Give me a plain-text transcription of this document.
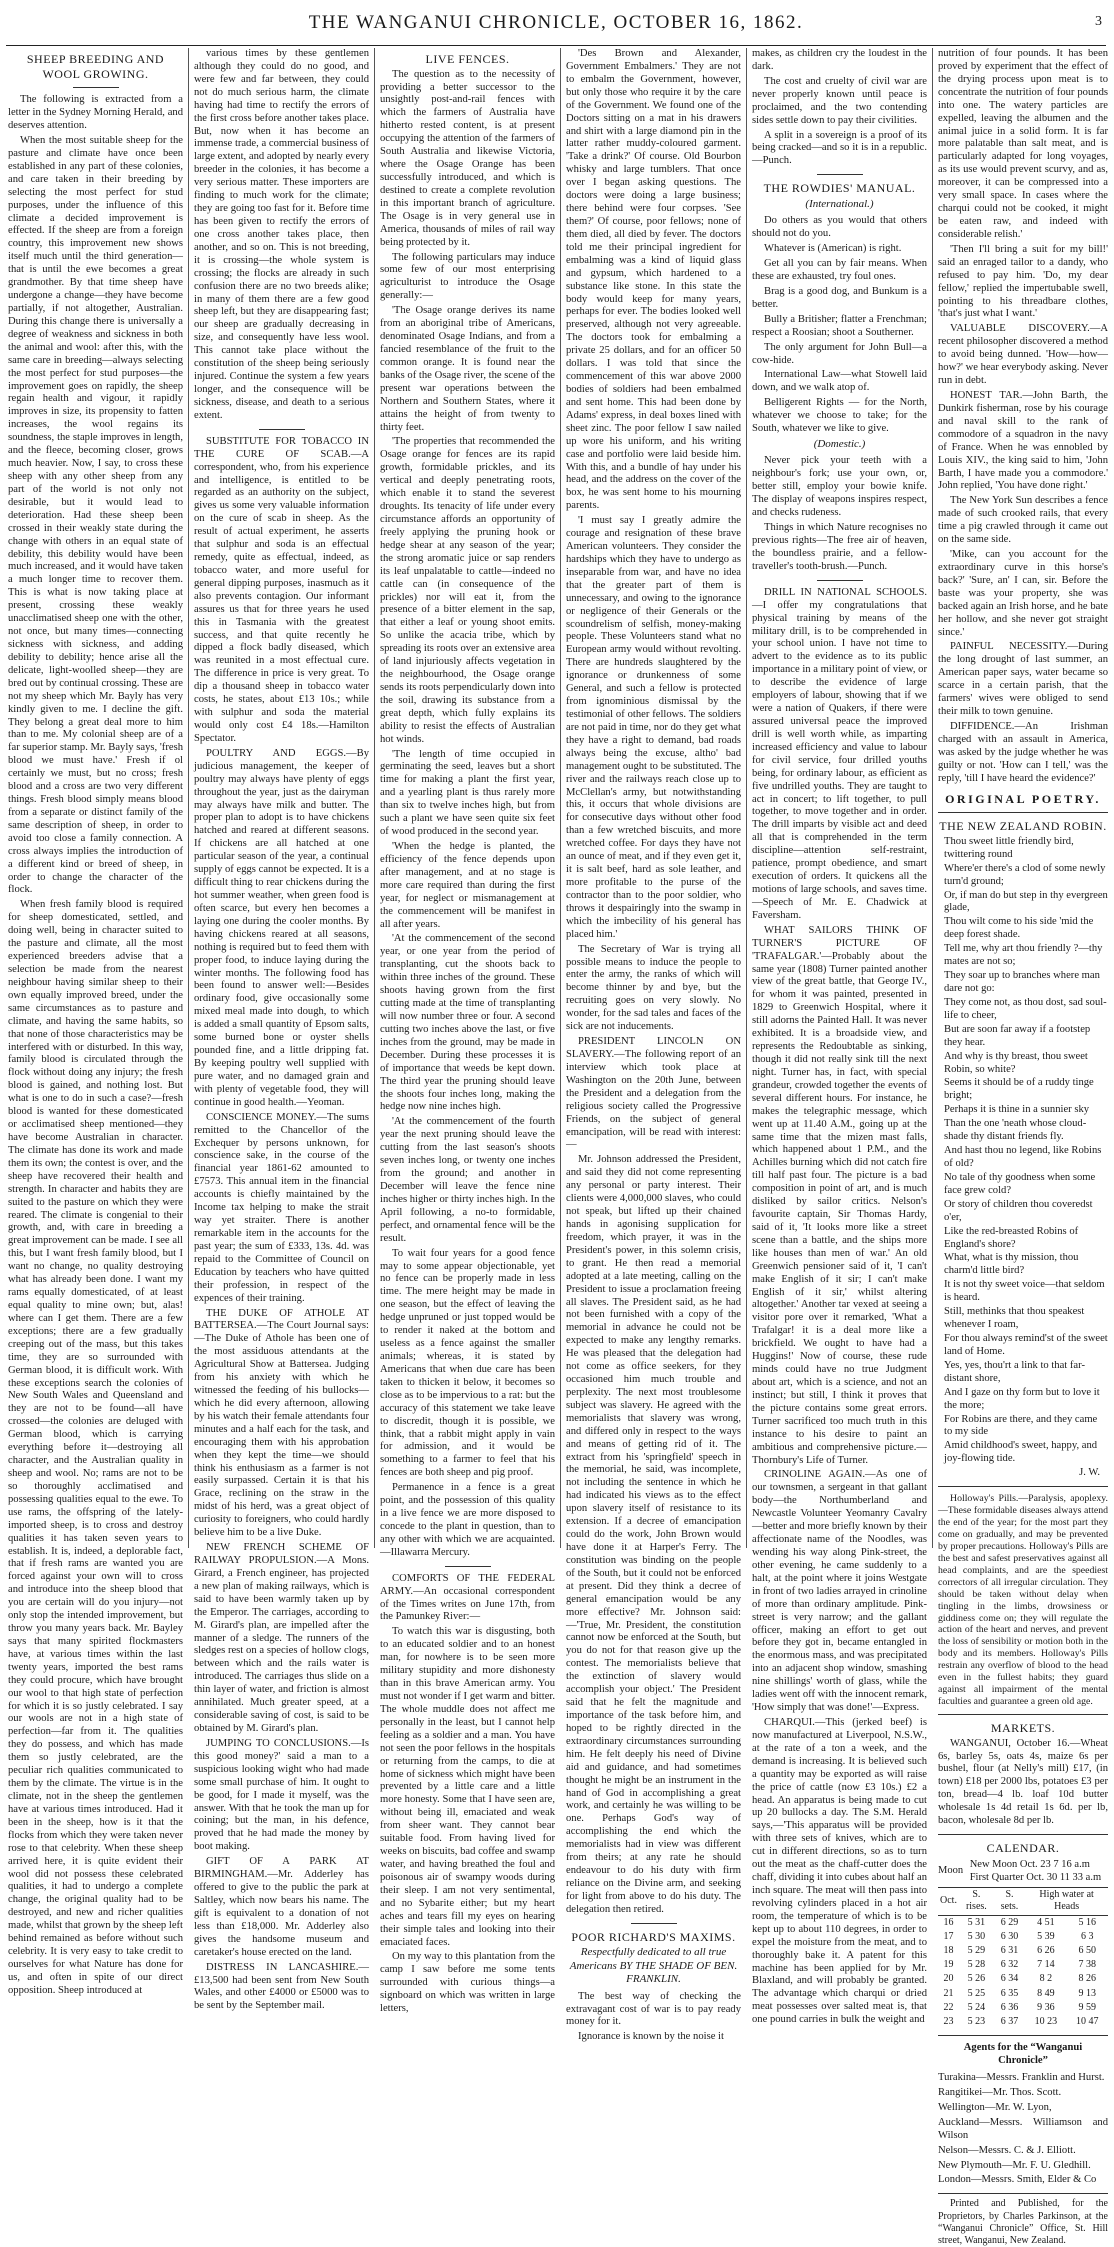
THE WANGANUI CHRONICLE, OCTOBER 16, 1862.	3
SHEEP BREEDING AND WOOL GROWING.

The following is extracted from a letter in the Sydney Morning Herald, and deserves attention.

When the most suitable sheep for the pasture and climate have once been established in any part of these colonies, and care taken in their breeding by selecting the most perfect for stud purposes, under the influence of this climate a decided improvement is effected. If the sheep are from a foreign country, this improvement new shows itself much until the third generation—that is until the ewe becomes a great grandmother. By that time sheep have undergone a change—they have become partially, if not altogether, Australian. During this change there is universally a degree of weakness and sickness in both the animal and wool: after this, with the same care in breeding—always selecting the most perfect for stud purposes—the improvement goes on rapidly, the sheep regain health and vigour, it rapidly improves in size, its propensity to fatten increases, the wool regains its soundness, the staple improves in length, and the fleece, becoming closer, grows much heavier. Now, I say, to cross these sheep with any other sheep from any part of the world is not only not desirable, but it would lead to deterioration. Had these sheep been crossed in their weakly state during the change with others in an equal state of debility, this debility would have been much increased, and it would have taken a much longer time to recover them. This is what is now taking place at present, crossing these weakly unacclimatised sheep one with the other, not once, but many times—connecting sickness with sickness, and adding debility to debility; hence arise all the delicate, light-woolled sheep—they are bred out by continual crossing. These are not my sheep which Mr. Bayly has very kindly given to me. I decline the gift. They belong a great deal more to him than to me. My colonial sheep are of a far superior stamp. Mr. Bayly says, 'fresh blood we must have.' Fresh if ol certainly we must, but no cross; fresh blood and a cross are two very different things. Fresh blood simply means blood from a separate or distinct family of the same description of sheep, in order to avoid too close a family connection. A cross always implies the introduction of a different kind or breed of sheep, in order to change the character of the flock.

When fresh family blood is required for sheep domesticated, settled, and doing well, being in character suited to the pasture and climate, all the most experienced breeders advise that a selection be made from the nearest neighbour having similar sheep to their own equally improved breed, under the same circumstances as to pasture and climate, and having the same habits, so that none of those characteristics may be interfered with or disturbed. In this way, family blood is circulated through the flock without doing any injury; the fresh blood is gained, and nothing lost. But what is one to do in such a case?—fresh blood is wanted for these domesticated or acclimatised sheep mentioned—they have become Australian in character. The climate has done its work and made them its own; the contest is over, and the sheep have recovered their health and strength. In character and habits they are suited to the pasture on which they were reared. The climate is congenial to their growth, and, with care in breeding a great improvement can be made. I see all this, but I want fresh family blood, but I want no change, no quality destroying what has already been done. I want my rams equally domesticated, of at least equal quality to mine own; but, alas! where can I get them. There are a few exceptions; there are a few gradually creeping out of the mass, but this takes time, they are so surrounded with German blood, it is difficult work. With these exceptions search the colonies of New South Wales and Queensland and they are not to be found—all have crossed—the colonies are deluged with German blood, which is carrying everything before it—destroying all character, and the Australian quality in sheep and wool. No; rams are not to be so thoroughly acclimatised and possessing qualities equal to the ewe. To use rams, the offspring of the lately-imported sheep, is to cross and destroy qualities it has taken seven years to establish. It is, indeed, a deplorable fact, that if fresh rams are wanted you are forced against your own will to cross and introduce into the sheep blood that you are certain will do you injury—not only stop the intended improvement, but throw you many years back. Mr. Bayley says that many spirited flockmasters have, at various times within the last twenty years, imported the best rams they could procure, which have brought our wool to that high state of perfection for which it is so justly celebrated. I say our wools are not in a high state of perfection—far from it. The qualities they do possess, and which has made them so justly celebrated, are the peculiar rich qualities communicated to them by the climate. The virtue is in the climate, not in the sheep the gentlemen have at various times introduced. Had it been in the sheep, how is it that the flocks from which they were taken never rose to that celebrity. When these sheep arrived here, it is quite evident their wool did not possess these celebrated qualities, it had to undergo a complete change, the original quality had to be destroyed, and new and richer qualities made, whilst that grown by the sheep left behind remained as before without such celebrity. It is very easy to take credit to ourselves for what Nature has done for us, and often in spite of our direct opposition. Sheep introduced at

various times by these gentlemen although they could do no good, and were few and far between, they could not do much serious harm, the climate having had time to rectify the errors of the first cross before another takes place. But, now when it has become an immense trade, a commercial business of large extent, and adopted by nearly every breeder in the colonies, it has become a very serious matter. These importers are finding to much work for the climate; they are going too fast for it. Before time has been given to rectify the errors of one cross another takes place, then another, and so on. This is not breeding, it is crossing—the whole system is crossing; the flocks are already in such confusion there are no two breeds alike; in many of them there are a few good sheep left, but they are disappearing fast; our sheep are gradually decreasing in size, and consequently have less wool. This cannot take place without the constitution of the sheep being seriously injured. Continue the system a few years longer, and the consequence will be sickness, disease, and death to a serious extent.

SUBSTITUTE FOR TOBACCO IN THE CURE OF SCAB.—A correspondent, who, from his experience and intelligence, is entitled to be regarded as an authority on the subject, gives us some very valuable information on the cure of scab in sheep. As the result of actual experiment, he asserts that sulphur and soda is an effectual remedy, quite as effectual, indeed, as tobacco water, and more useful for general dipping purposes, inasmuch as it also prevents contagion. Our informant assures us that for three years he used this in Tasmania with the greatest success, and that quite recently he dipped a flock badly diseased, which was reunited in a most effectual cure. The difference in price is very great. To dip a thousand sheep in tobacco water costs, he states, about £13 10s.; while with sulphur and soda the material would only cost £4 18s.—Hamilton Spectator.

POULTRY AND EGGS.—By judicious management, the keeper of poultry may always have plenty of eggs throughout the year, just as the dairyman may always have milk and butter. The proper plan to adopt is to have chickens hatched and reared at different seasons. If chickens are all hatched at one particular season of the year, a continual supply of eggs cannot be expected. It is a difficult thing to rear chickens during the hot summer weather, when green food is often scarce, but every hen becomes a laying one during the cooler months. By having chickens reared at all seasons, nothing is required but to feed them with proper food, to induce laying during the winter months. The following food has been found to answer well:—Besides ordinary food, give occasionally some mixed meal made into dough, to which is added a small quantity of Epsom salts, some burned bone or oyster shells pounded fine, and a little dripping fat. By keeping poultry well supplied with pure water, and no damaged grain and with plenty of vegetable food, they will continue in good health.—Yeoman.

CONSCIENCE MONEY.—The sums remitted to the Chancellor of the Exchequer by persons unknown, for conscience sake, in the course of the financial year 1861-62 amounted to £7573. This annual item in the financial accounts is chiefly maintained by the Income tax helping to make the strait way yet straiter. There is another remarkable item in the accounts for the past year; the sum of £333, 13s. 4d. was repaid to the Committee of Council on Education by teachers who have quitted their profession, in respect of the expences of their training.

THE DUKE OF ATHOLE AT BATTERSEA.—The Court Journal says:—The Duke of Athole has been one of the most assiduous attendants at the Agricultural Show at Battersea. Judging from his anxiety with which he witnessed the feeding of his bullocks—which he did every afternoon, allowing by his watch their female attendants four minutes and a half each for the task, and encouraging them with his approbation when they kept the time—we should think his enthusiasm as a farmer is not easily surpassed. Certain it is that his Grace, reclining on the straw in the midst of his herd, was a great object of curiosity to foreigners, who could hardly believe him to be a live Duke.

NEW FRENCH SCHEME OF RAILWAY PROPULSION.—A Mons. Girard, a French engineer, has projected a new plan of making railways, which is said to have been warmly taken up by the Emperor. The carriages, according to M. Girard's plan, are impelled after the manner of a sledge. The runners of the sledges rest on a species of hollow clogs, between which and the rails water is introduced. The carriages thus slide on a thin layer of water, and friction is almost annihilated. Much greater speed, at a considerable saving of cost, is said to be obtained by M. Girard's plan.

JUMPING TO CONCLUSIONS.—Is this good money?' said a man to a suspicious looking wight who had made some small purchase of him. It ought to be good, for I made it myself, was the answer. With that he took the man up for coining; but the man, in his defence, proved that he had made the money by boot making.

GIFT OF A PARK AT BIRMINGHAM.—Mr. Adderley has offered to give to the public the park at Saltley, which now bears his name. The gift is equivalent to a donation of not less than £18,000. Mr. Adderley also gives the handsome museum and caretaker's house erected on the land.

DISTRESS IN LANCASHIRE.—£13,500 had been sent from New South Wales, and other £4000 or £5000 was to be sent by the September mail.

LIVE FENCES.

The question as to the necessity of providing a better successor to the unsightly post-and-rail fences with which the farmers of Australia have hitherto rested content, is at present occupying the attention of the farmers of South Australia and likewise Victoria, where the Osage Orange has been successfully introduced, and which is destined to create a complete revolution in this important branch of agriculture. The Osage is in very general use in America, thousands of miles of rail way being protected by it.

The following particulars may induce some few of our most enterprising agriculturist to introduce the Osage generally:—

'The Osage orange derives its name from an aboriginal tribe of Americans, denominated Osage Indians, and from a fancied resemblance of the fruit to the common orange. It is found near the banks of the Osage river, the scene of the present war operations between the Northern and Southern States, where it attains the height of from twenty to thirty feet.

'The properties that recommended the Osage orange for fences are its rapid growth, formidable prickles, and its vertical and deeply penetrating roots, which enable it to stand the severest droughts. Its tenacity of life under every circumstance affords an opportunity of freely applying the pruning hook or hedge shear at any season of the year; the strong aromatic juice or sap renders its leaf unpalatable to cattle—indeed no cattle can (in consequence of the prickles) nor will eat it, from the presence of a bitter element in the sap, that either a leaf or young shoot emits. So unlike the acacia tribe, which by spreading its roots over an extensive area of land injuriously affects vegetation in the neighbourhood, the Osage orange sends its roots perpendicularly down into the soil, drawing its substance from a great depth, which fully explains its ability to resist the effects of Australian hot winds.

'The length of time occupied in germinating the seed, leaves but a short time for making a plant the first year, and a yearling plant is thus rarely more than six to twelve inches high, but from such a plant we have seen quite six feet of wood produced in the second year.

'When the hedge is planted, the efficiency of the fence depends upon after management, and at no stage is more care required than during the first year, for neglect or mismanagement at the commencement will be manifest in all after years.

'At the commencement of the second year, or one year from the period of transplanting, cut the shoots back to within three inches of the ground. These shoots having grown from the first cutting made at the time of transplanting will now number three or four. A second cutting two inches above the last, or five inches from the ground, may be made in December. During these processes it is of importance that weeds be kept down. The third year the pruning should leave the shoots four inches long, making the hedge now nine inches high.

'At the commencement of the fourth year the next pruning should leave the cutting from the last season's shoots seven inches long, or twenty one inches from the ground; and another in December will leave the fence nine inches higher or thirty inches high. In the April following, a no-to formidable, perfect, and ornamental fence will be the result.

To wait four years for a good fence may to some appear objectionable, yet no fence can be properly made in less time. The mere height may be made in one season, but the effect of leaving the hedge unpruned or just topped would be to render it naked at the bottom and useless as a fence against the smaller animals; whereas, it is stated by Americans that when due care has been taken to thicken it below, it becomes so close as to be impervious to a rat: but the accuracy of this statement we take leave to discredit, though it is possible, we think, that a rabbit might apply in vain for admission, and it would be something to a farmer to feel that his fences are both sheep and pig proof.

Permanence in a fence is a great point, and the possession of this quality in a live fence we are more disposed to concede to the plant in question, than to any other with which we are acquainted.—Illawarra Mercury.

COMFORTS OF THE FEDERAL ARMY.—An occasional correspondent of the Times writes on June 17th, from the Pamunkey River:—

To watch this war is disgusting, both to an educated soldier and to an honest man, for nowhere is to be seen more military stupidity and more dishonesty than in this brave American army. You must not wonder if I get warm and bitter. The whole muddle does not affect me personally in the least, but I cannot help feeling as a soldier and a man. You have not seen the poor fellows in the hospitals or returning from the camps, to die at home of sickness which might have been prevented by a little care and a little more honesty. Some that I have seen are, without being ill, emaciated and weak from sheer want. They cannot bear suitable food. From having lived for weeks on biscuits, bad coffee and swamp water, and having breathed the foul and poisonous air of swampy woods during their sleep. I am not very sentimental, and no Sybarite either; but my heart aches and tears fill my eyes on hearing their simple tales and looking into their emaciated faces.

On my way to this plantation from the camp I saw before me some tents surrounded with curious things—a signboard on which was written in large letters,

'Des Brown and Alexander, Government Embalmers.' They are not to embalm the Government, however, but only those who require it by the care of the Government. We found one of the Doctors sitting on a mat in his drawers and shirt with a large diamond pin in the latter rather muddy-coloured garment. 'Take a drink?' Of course. Old Bourbon whisky and large tumblers. That once over I began asking questions. The doctors were doing a large business; there behind were four corpses. 'See them?' Of course, poor fellows; none of them died, all died by fever. The doctors told me their principal ingredient for embalming was a kind of liquid glass and gypsum, which hardened to a substance like stone. In this state the body would keep for many years, perhaps for ever. The bodies looked well preserved, although not very agreeable. The doctors took for embalming a private 25 dollars, and for an officer 50 dollars. I was told that since the commencement of this war above 2000 bodies of soldiers had been embalmed and sent home. This had been done by Adams' express, in deal boxes lined with sheet zinc. The poor fellow I saw nailed up wore his uniform, and his writing case and portfolio were laid beside him. With this, and a bundle of hay under his head, and the address on the cover of the box, he was sent home to his mourning parents.

'I must say I greatly admire the courage and resignation of these brave American volunteers. They consider the hardships which they have to undergo as inseparable from war, and have no idea that the greater part of them is unnecessary, and owing to the ignorance or negligence of their Generals or the scoundrelism of selfish, money-making people. These Volunteers stand what no European army would without revolting. There are hundreds slaughtered by the ignorance or drunkenness of some General, and such a fellow is protected from ignominious dismissal by the testimonial of other fellows. The soldiers are not paid in time, nor do they get what they have a right to demand, bad roads always being the excuse, altho' bad management ought to be substituted. The river and the railways reach close up to McClellan's army, but notwithstanding this, it occurs that whole divisions are for consecutive days without other food than a few wretched biscuits, and more wretched coffee. For days they have not an ounce of meat, and if they even get it, it is salt beef, hard as sole leather, and more profitable to the purse of the contractor than to the poor soldier, who throws it despairingly into the swamp in which the imbecility of his general has placed him.'

The Secretary of War is trying all possible means to induce the people to enter the army, the ranks of which will become thinner by and bye, but the recruiting goes on very slowly. No wonder, for the sad tales and faces of the sick are not inducements.

PRESIDENT LINCOLN ON SLAVERY.—The following report of an interview which took place at Washington on the 20th June, between the President and a delegation from the religious society called the Progressive Friends, on the subject of general emancipation, will be read with interest:—

Mr. Johnson addressed the President, and said they did not come representing any personal or party interest. Their clients were 4,000,000 slaves, who could not speak, but lifted up their chained hands in agonising supplication for freedom, which prayer, it was in the President's power, in this solemn crisis, to grant. He then read a memorial adopted at a late meeting, calling on the President to issue a proclamation freeing all slaves. The President said, as he had not been furnished with a copy of the memorial in advance he could not be expected to make any lengthy remarks. He was pleased that the delegation had not come as office seekers, for they occasioned him much trouble and perplexity. The next most troublesome subject was slavery. He agreed with the memorialists that slavery was wrong, and differed only in respect to the ways and means of getting rid of it. The extract from his 'springfield' speech in the memorial, he said, was incomplete, not including the sentence in which he had indicated his views as to the effect upon slavery itself of resistance to its extension. If a decree of emancipation could do the work, John Brown would have done it at Harper's Ferry. The constitution was binding on the people of the South, but it could not be enforced at present. Did they think a decree of general emancipation would be any more effective? Mr. Johnson said:—'True, Mr. President, the constitution cannot now be enforced at the South, but you do not for that reason give up the contest. The memorialists believe that the extinction of slavery would accomplish your object.' The President said that he felt the magnitude and importance of the task before him, and hoped to be rightly directed in the extraordinary circumstances surrounding him. He felt deeply his need of Divine aid and guidance, and had sometimes thought he might be an instrument in the hand of God in accomplishing a great work, and certainly he was willing to be one. Perhaps God's way of accomplishing the end which the memorialists had in view was different from theirs; at any rate he should endeavour to do his duty with firm reliance on the Divine arm, and seeking for light from above to do his duty. The delegation then retired.

POOR RICHARD'S MAXIMS.
Respectfully dedicated to all true Americans BY THE SHADE OF BEN. FRANKLIN.

The best way of checking the extravagant cost of war is to pay ready money for it.

Ignorance is known by the noise it

makes, as children cry the loudest in the dark.

The cost and cruelty of civil war are never properly known until peace is proclaimed, and the two contending sides settle down to pay their civilities.

A split in a sovereign is a proof of its being cracked—and so it is in a republic.—Punch.

THE ROWDIES' MANUAL.
(International.)

Do others as you would that others should not do you.

Whatever is (American) is right.

Get all you can by fair means. When these are exhausted, try foul ones.

Brag is a good dog, and Bunkum is a better.

Bully a Britisher; flatter a Frenchman; respect a Roosian; shoot a Southerner.

The only argument for John Bull—a cow-hide.

International Law—what Stowell laid down, and we walk atop of.

Belligerent Rights — for the North, whatever we choose to take; for the South, whatever we like to give.

(Domestic.)

Never pick your teeth with a neighbour's fork; use your own, or, better still, employ your bowie knife. The display of weapons inspires respect, and checks rudeness.

Things in which Nature recognises no previous rights—The free air of heaven, the boundless prairie, and a fellow-traveller's tooth-brush.—Punch.

DRILL IN NATIONAL SCHOOLS.—I offer my congratulations that physical training by means of the military drill, is to be comprehended in your school union. I have not time to advert to the evidence as to its public importance in a military point of view, or to describe the evidence of large employers of labour, showing that if we were a nation of Quakers, if there were assured universal peace the improved drill is well worth while, as imparting increased efficiency and value to labour for civil service, four drilled youths being, for ordinary labour, as efficient as five undrilled youths. They are taught to act in concert; to lift together, to pull together, to move together and in order. The drill imparts by visible act and deed all that is comprehended in the term discipline—attention self-restraint, patience, prompt obedience, and smart execution of orders. It quickens all the motions of large schools, and saves time.—Speech of Mr. E. Chadwick at Faversham.

WHAT SAILORS THINK OF TURNER'S PICTURE OF 'TRAFALGAR.'—Probably about the same year (1808) Turner painted another view of the great battle, that George IV., for whom it was painted, presented in 1829 to Greenwich Hospital, where it still adorns the Painted Hall. It was never exhibited. It is a broadside view, and represents the Redoubtable as sinking, though it did not really sink till the next night. Turner has, in fact, with special grandeur, crowded together the events of several different hours. For instance, he makes the telegraphic message, which went up at 11.40 A.M., going up at the same time that the mizen mast falls, which happened about 1 P.M., and the Achilles burning which did not catch fire till half past four. The picture is a bad composition in point of art, and is much disliked by sailor critics. Nelson's favourite captain, Sir Thomas Hardy, said of it, 'It looks more like a street scene than a battle, and the ships more like houses than men of war.' An old Greenwich pensioner said of it, 'I can't make English of it sir; I can't make English of it sir,' whilst altering altogether.' Another tar vexed at seeing a visitor pore over it remarked, 'What a Trafalgar! it is a deal more like a brickfield. We ought to have had a Huggins!' Now of course, these rude minds could have no true Judgment about art, which is a science, and not an instinct; but still, I think it proves that the picture contains some great errors. Turner sacrificed too much truth in this instance to his desire to paint an ambitious and comprehensive picture.—Thornbury's Life of Turner.

CRINOLINE AGAIN.—As one of our townsmen, a sergeant in that gallant body—the Northumberland and Newcastle Volunteer Yeomanry Cavalry—better and more briefly known by their affectionate name of the Noodles, was wending his way along Pink-street, the other evening, he came suddenly to a halt, at the point where it joins Westgate in front of two ladies arrayed in crinoline of more than ordinary amplitude. Pink-street is very narrow; and the gallant officer, making an effort to get out before they got in, became entangled in the enormous mass, and was precipitated into an adjacent shop window, smashing nine shillings' worth of glass, while the ladies went off with the innocent remark, 'How simply that was done!'—Express.

CHARQUI.—This (jerked beef) is now manufactured at Liverpool, N.S.W., at the rate of a ton a week, and the demand is increasing. It is believed such a quantity may be exported as will raise the price of cattle (now £3 10s.) £2 a head. An apparatus is being made to cut up 20 bullocks a day. The S.M. Herald says,—'This apparatus will be provided with three sets of knives, which are to cut in different directions, so as to turn out the meat as the chaff-cutter does the chaff, dividing it into cubes about half an inch square. The meat will then pass into revolving cylinders placed in a hot air room, the temperature of which is to be kept up to about 110 degrees, in order to expel the moisture from the meat, and to thoroughly bake it. A patent for this machine has been applied for by Mr. Blaxland, and will probably be granted. The advantage which charqui or dried meat possesses over salted meat is, that one pound carries in bulk the weight and

nutrition of four pounds. It has been proved by experiment that the effect of the drying process upon meat is to concentrate the nutrition of four pounds into one. The watery particles are expelled, leaving the albumen and the animal juice in a solid form. It is far more palatable than salt meat, and is particularly adapted for long voyages, as its use would prevent scurvy, and as, moreover, it can be compressed into a very small space. In cases where the charqui could not be cooked, it might be eaten raw, and indeed with considerable relish.'

'Then I'll bring a suit for my bill!' said an enraged tailor to a dandy, who refused to pay him. 'Do, my dear fellow,' replied the impertubable swell, pointing to his threadbare clothes, 'that's just what I want.'

VALUABLE DISCOVERY.—A recent philosopher discovered a method to avoid being dunned. 'How—how—how?' we hear everybody asking. Never run in debt.

HONEST TAR.—John Barth, the Dunkirk fisherman, rose by his courage and naval skill to the rank of commodore of a squadron in the navy of France. When he was ennobled by Louis XIV., the king said to him, 'John Barth, I have made you a commodore.' John replied, 'You have done right.'

The New York Sun describes a fence made of such crooked rails, that every time a pig crawled through it came out on the same side.

'Mike, can you account for the extraordinary curve in this horse's back?' 'Sure, an' I can, sir. Before the baste was your property, she was backed again an Irish horse, and he bate her hollow, and she never got straight since.'

PAINFUL NECESSITY.—During the long drought of last summer, an American paper says, water became so scarce in a certain parish, that the farmers' wives were obliged to send their milk to town genuine.

DIFFIDENCE.—An Irishman charged with an assault in America, was asked by the judge whether he was guilty or not. 'How can I tell,' was the reply, 'till I have heard the evidence?'

ORIGINAL POETRY.
THE NEW ZEALAND ROBIN.

Thou sweet little friendly bird, twittering round

Where'er there's a clod of some newly turn'd ground;

Or, if man do but step in thy evergreen glade,

Thou wilt come to his side 'mid the deep forest shade.

Tell me, why art thou friendly ?—thy mates are not so;

They soar up to branches where man dare not go:

They come not, as thou dost, sad soul-life to cheer,

But are soon far away if a footstep they hear.

And why is thy breast, thou sweet Robin, so white?

Seems it should be of a ruddy tinge bright;

Perhaps it is thine in a sunnier sky

Than the one 'neath whose cloud-shade thy distant friends fly.

And hast thou no legend, like Robins of old?

No tale of thy goodness when some face grew cold?

Or story of children thou coveredst o'er,

Like the red-breasted Robins of England's shore?

What, what is thy mission, thou charm'd little bird?

It is not thy sweet voice—that seldom is heard.

Still, methinks that thou speakest whenever I roam,

For thou always remind'st of the sweet land of Home.

Yes, yes, thou'rt a link to that far-distant shore,

And I gaze on thy form but to love it the more;

For Robins are there, and they came to my side

Amid childhood's sweet, happy, and joy-flowing tide.

J. W.

Holloway's Pills.—Paralysis, apoplexy.—These formidable diseases always attend the end of the year; for the most part they come on gradually, and may be prevented by proper precautions. Holloway's Pills are the best and safest preservatives against all head complaints, and are the speediest correctors of all irregular circulation. They should be taken without delay when tingling in the limbs, drowsiness or giddiness come on; they will regulate the action of the heart and nerves, and prevent the loss of sensibility or motion both in the body and its members. Holloway's Pills restrain any overflow of blood to the head even in the fullest habits; they guard against all impairment of the mental faculties and guarantee a green old age.

MARKETS.

WANGANUI, October 16.—Wheat 6s, barley 5s, oats 4s, maize 6s per bushel, flour (at Nelly's mill) £17, (in town) £18 per 2000 lbs, potatoes £3 per ton, bread—4 lb. loaf 10d butter wholesale 1s 4d retail 1s 6d. per lb, bacon, wholesale 8d per lb.

CALENDAR.
Moon
New Moon Oct. 23 7 16 a.m
First Quarter Oct. 30 11 33 a.m
Oct.	S. rises.	S. sets.	High water at Heads	
16	5 31	6 29	4 51	5 16
17	5 30	6 30	5 39	6 3
18	5 29	6 31	6 26	6 50
19	5 28	6 32	7 14	7 38
20	5 26	6 34	8 2	8 26
21	5 25	6 35	8 49	9 13
22	5 24	6 36	9 36	9 59
23	5 23	6 37	10 23	10 47

Agents for the “Wanganui Chronicle”

Turakina—Messrs. Franklin and Hurst.

Rangitikei—Mr. Thos. Scott.

Wellington—Mr. W. Lyon,

Auckland—Messrs. Williamson and Wilson

Nelson—Messrs. C. & J. Elliott.

New Plymouth—Mr. F. U. Gledhill.

London—Messrs. Smith, Elder & Co

Printed and Published, for the Proprietors, by Charles Parkinson, at the “Wanganui Chronicle” Office, St. Hill street, Wanganui, New Zealand.
